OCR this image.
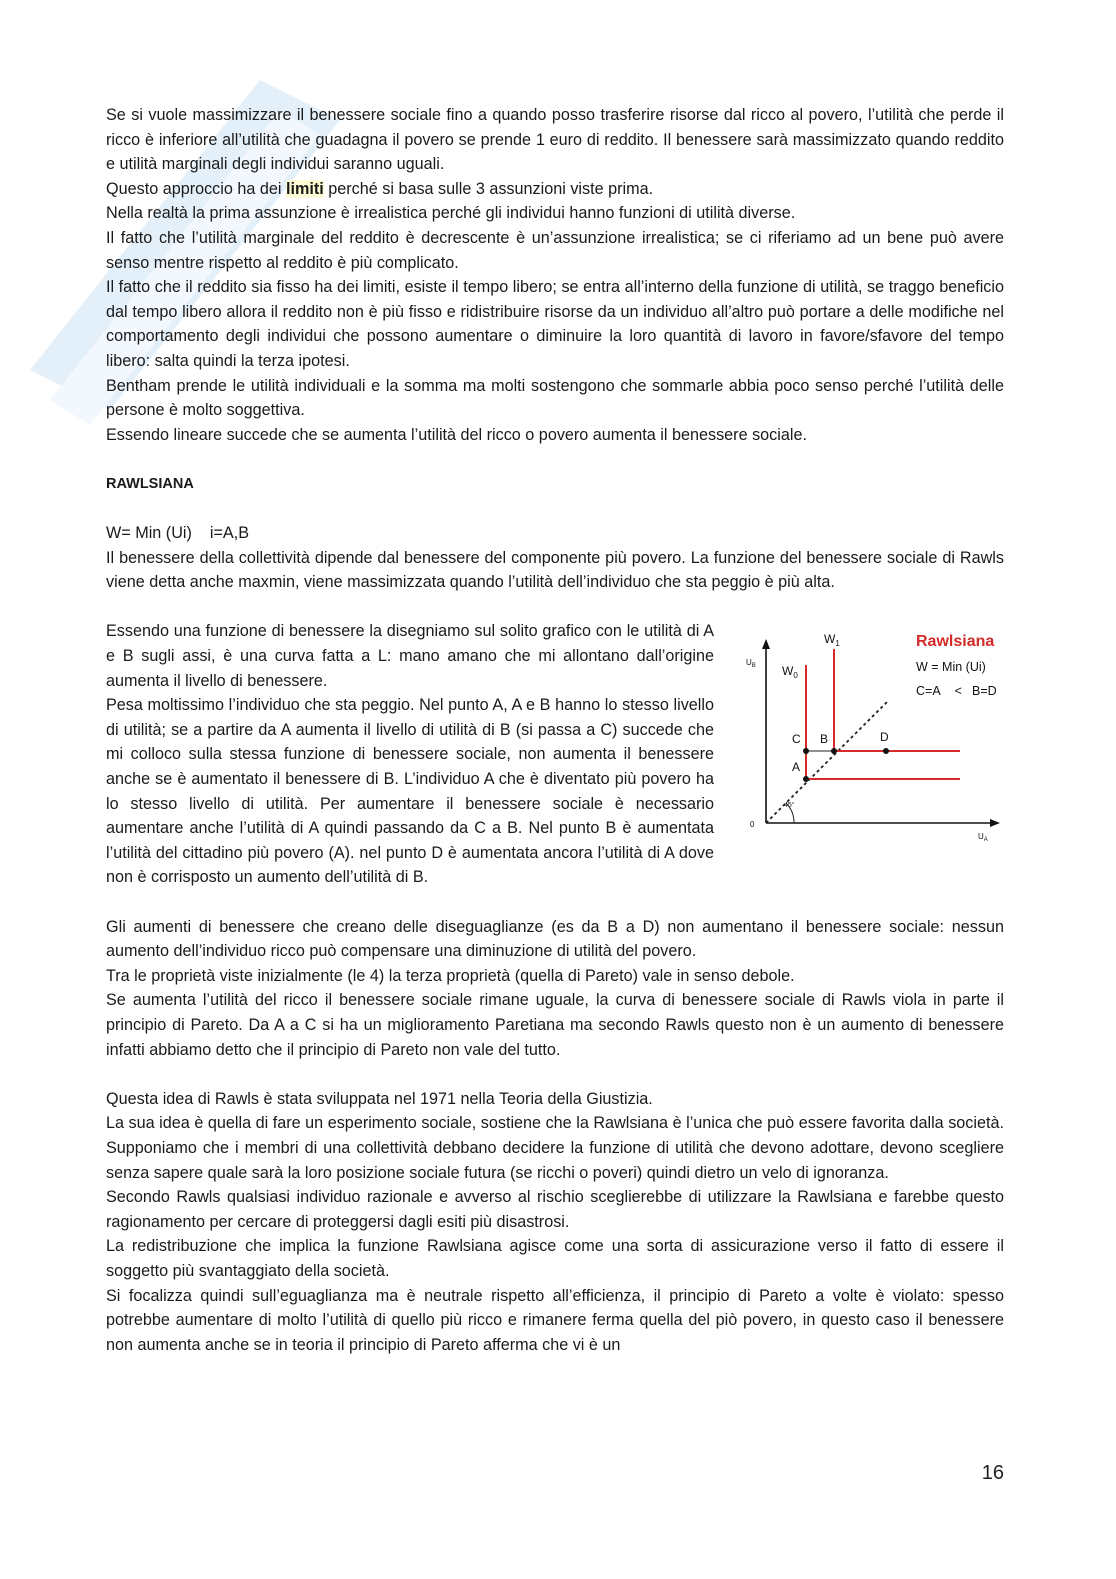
Se si vuole massimizzare il benessere sociale fino a quando posso trasferire risorse dal ricco al povero, l’utilità che perde il ricco è inferiore all’utilità che guadagna il povero se prende 1 euro di reddito. Il benessere sarà massimizzato quando reddito e utilità marginali degli individui saranno uguali.

Questo approccio ha dei limiti perché si basa sulle 3 assunzioni viste prima.

Nella realtà la prima assunzione è irrealistica perché gli individui hanno funzioni di utilità diverse.

Il fatto che l’utilità marginale del reddito è decrescente è un’assunzione irrealistica; se ci riferiamo ad un bene può avere senso mentre rispetto al reddito è più complicato.

Il fatto che il reddito sia fisso ha dei limiti, esiste il tempo libero; se entra all’interno della funzione di utilità, se traggo beneficio dal tempo libero allora il reddito non è più fisso e ridistribuire risorse da un individuo all’altro può portare a delle modifiche nel comportamento degli individui che possono aumentare o diminuire la loro quantità di lavoro in favore/sfavore del tempo libero: salta quindi la terza ipotesi.

Bentham prende le utilità individuali e la somma ma molti sostengono che sommarle abbia poco senso perché l’utilità delle persone è molto soggettiva.

Essendo lineare succede che se aumenta l’utilità del ricco o povero aumenta il benessere sociale.

RAWLSIANA

W= Min (Ui)    i=A,B

Il benessere della collettività dipende dal benessere del componente più povero. La funzione del benessere sociale di Rawls viene detta anche maxmin, viene massimizzata quando l’utilità dell’individuo che sta peggio è più alta.

45°
A
C B	D
$W_1$
$W_0$
$U_B$
$U_A$
0
Rawlsiana
W = Min (Ui)
C=A < B=D

Essendo una funzione di benessere la disegniamo sul solito grafico con le utilità di A e B sugli assi, è una curva fatta a L: mano amano che mi allontano dall’origine aumenta il livello di benessere.

Pesa moltissimo l’individuo che sta peggio. Nel punto A, A e B hanno lo stesso livello di utilità; se a partire da A aumenta il livello di utilità di B (si passa a C) succede che mi colloco sulla stessa funzione di benessere sociale, non aumenta il benessere anche se è aumentato il benessere di B. L’individuo A che è diventato più povero ha lo stesso livello di utilità. Per aumentare il benessere sociale è necessario aumentare anche l’utilità di A quindi passando da C a B. Nel punto B è aumentata l’utilità del cittadino più povero (A). nel punto D è aumentata ancora l’utilità di A dove non è corrisposto un aumento dell’utilità di B.

Gli aumenti di benessere che creano delle diseguaglianze (es da B a D) non aumentano il benessere sociale: nessun aumento dell’individuo ricco può compensare una diminuzione di utilità del povero.

Tra le proprietà viste inizialmente (le 4) la terza proprietà (quella di Pareto) vale in senso debole.

Se aumenta l’utilità del ricco il benessere sociale rimane uguale, la curva di benessere sociale di Rawls viola in parte il principio di Pareto. Da A a C si ha un miglioramento Paretiana ma secondo Rawls questo non è un aumento di benessere infatti abbiamo detto che il principio di Pareto non vale del tutto.

Questa idea di Rawls è stata sviluppata nel 1971 nella Teoria della Giustizia.

La sua idea è quella di fare un esperimento sociale, sostiene che la Rawlsiana è l’unica che può essere favorita dalla società. Supponiamo che i membri di una collettività debbano decidere la funzione di utilità che devono adottare, devono scegliere senza sapere quale sarà la loro posizione sociale futura (se ricchi o poveri) quindi dietro un velo di ignoranza.

Secondo Rawls qualsiasi individuo razionale e avverso al rischio sceglierebbe di utilizzare la Rawlsiana e farebbe questo ragionamento per cercare di proteggersi dagli esiti più disastrosi.

La redistribuzione che implica la funzione Rawlsiana agisce come una sorta di assicurazione verso il fatto di essere il soggetto più svantaggiato della società.

Si focalizza quindi sull’eguaglianza ma è neutrale rispetto all’efficienza, il principio di Pareto a volte è violato: spesso potrebbe aumentare di molto l’utilità di quello più ricco e rimanere ferma quella del piò povero, in questo caso il benessere non aumenta anche se in teoria il principio di Pareto afferma che vi è un

16
